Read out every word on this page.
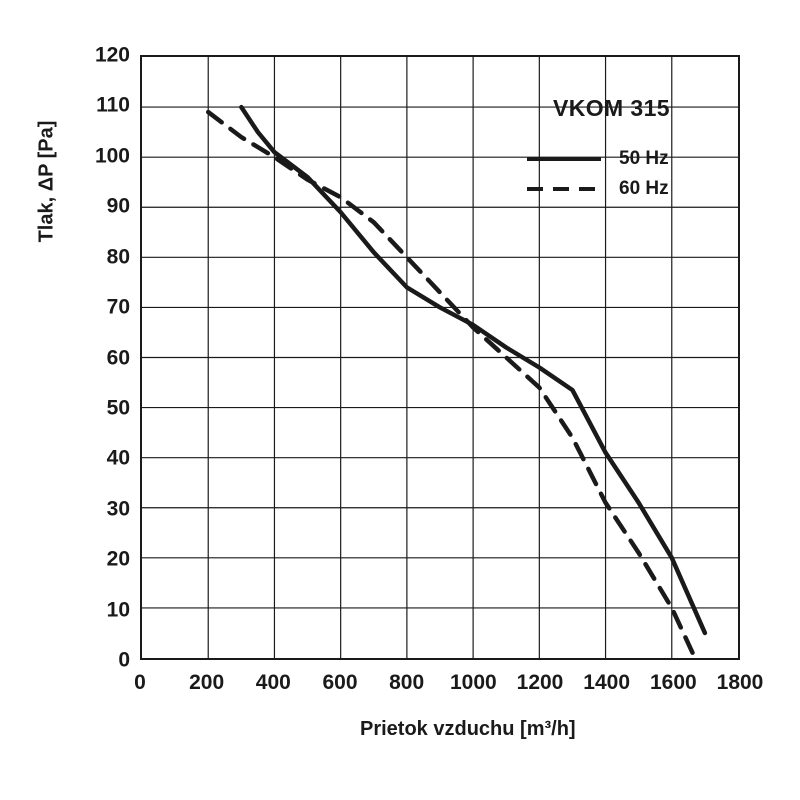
Tlak, ΔP [Pa]
0
10
20
30
40
50
60
70
80
90
100
110
120
0	200	400	600	800	1000 1200 1400 1600 1800
Prietok vzduchu [m³/h]
VKOM 315
50 Hz
60 Hz
